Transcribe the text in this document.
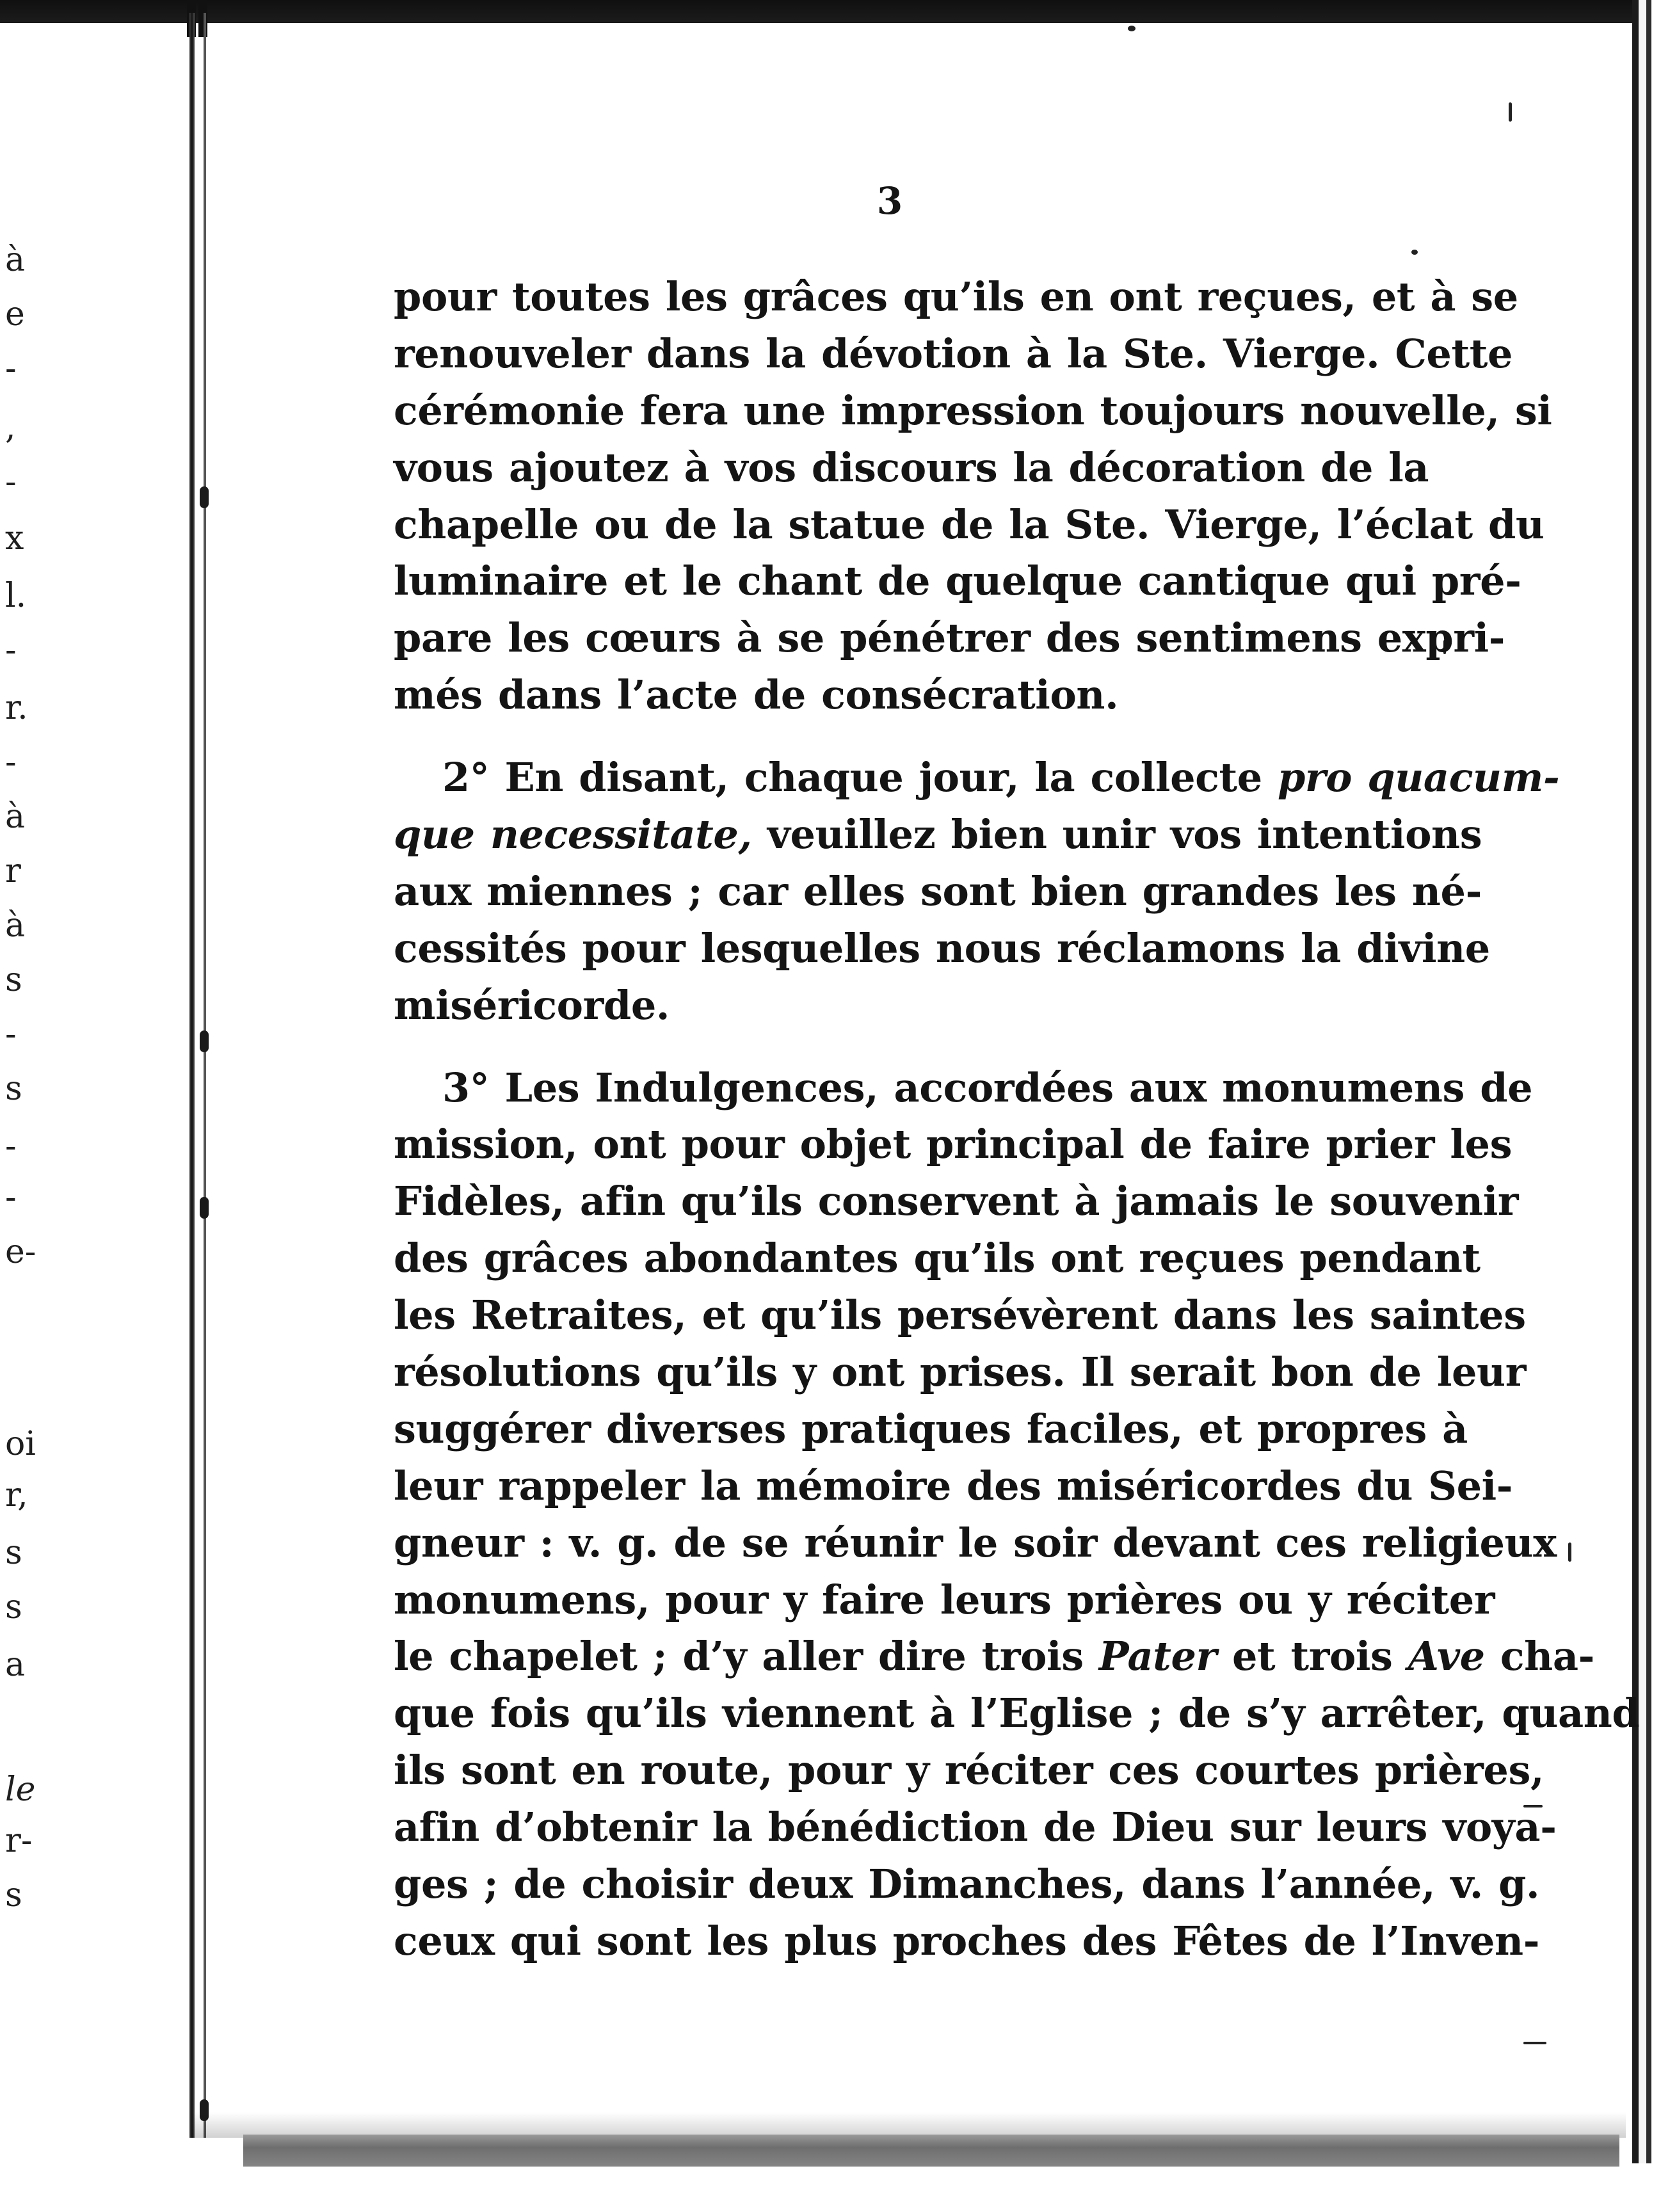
à
e
-
,
-
x
l.
-
r.
-
à
r
à
s
-
s
-
-
e-
oi
r,
s
s
a
le
r-
s
3
pour toutes les grâces qu’ils en ont reçues, et à se
renouveler dans la dévotion à la Ste. Vierge. Cette
cérémonie fera une impression toujours nouvelle, si
vous ajoutez à vos discours la décoration de la
chapelle ou de la statue de la Ste. Vierge, l’éclat du
luminaire et le chant de quelque cantique qui pré-
pare les cœurs à se pénétrer des sentimens expri-
més dans l’acte de consécration.
2° En disant, chaque jour, la collecte pro quacum-
que necessitate, veuillez bien unir vos intentions
aux miennes ; car elles sont bien grandes les né-
cessités pour lesquelles nous réclamons la divine
miséricorde.
3° Les Indulgences, accordées aux monumens de
mission, ont pour objet principal de faire prier les
Fidèles, afin qu’ils conservent à jamais le souvenir
des grâces abondantes qu’ils ont reçues pendant
les Retraites, et qu’ils persévèrent dans les saintes
résolutions qu’ils y ont prises. Il serait bon de leur
suggérer diverses pratiques faciles, et propres à
leur rappeler la mémoire des miséricordes du Sei-
gneur : v. g. de se réunir le soir devant ces religieux
monumens, pour y faire leurs prières ou y réciter
le chapelet ; d’y aller dire trois Pater et trois Ave cha-
que fois qu’ils viennent à l’Eglise ; de s’y arrêter, quand
ils sont en route, pour y réciter ces courtes prières,
afin d’obtenir la bénédiction de Dieu sur leurs voya-
ges ; de choisir deux Dimanches, dans l’année, v. g.
ceux qui sont les plus proches des Fêtes de l’Inven-
